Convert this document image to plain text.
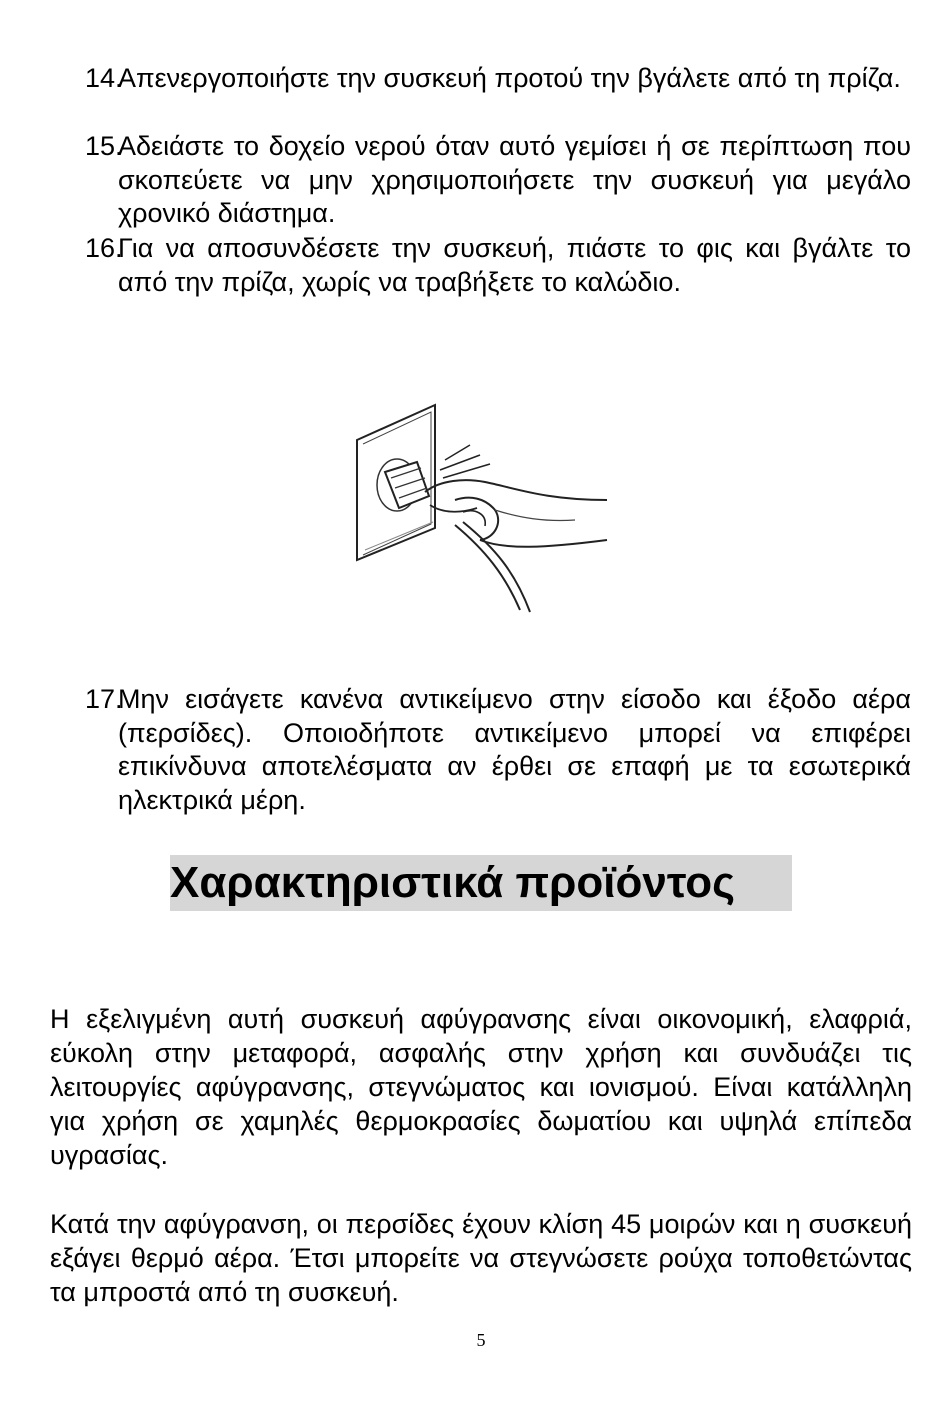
14.
Απενεργοποιήστε την συσκευή προτού την βγάλετε από τη πρίζα.
15.
Αδειάστε το δοχείο νερού όταν αυτό γεμίσει ή σε περίπτωση που σκοπεύετε να μην χρησιμοποιήσετε την συσκευή για μεγάλο χρονικό διάστημα.
16.
Για να αποσυνδέσετε την συσκευή, πιάστε το φις και βγάλτε το από την πρίζα, χωρίς να τραβήξετε το καλώδιο.
17.
Μην εισάγετε κανένα αντικείμενο στην είσοδο και έξοδο αέρα (περσίδες). Οποιοδήποτε αντικείμενο μπορεί να επιφέρει επικίνδυνα αποτελέσματα αν έρθει σε επαφή με τα εσωτερικά ηλεκτρικά μέρη.
Χαρακτηριστικά προϊόντος

Η εξελιγμένη αυτή συσκευή αφύγρανσης είναι οικονομική, ελαφριά, εύκολη στην μεταφορά, ασφαλής στην χρήση και συνδυάζει τις λειτουργίες αφύγρανσης, στεγνώματος και ιονισμού. Είναι κατάλληλη για χρήση σε χαμηλές θερμοκρασίες δωματίου και υψηλά επίπεδα υγρασίας.

Κατά την αφύγρανση, οι περσίδες έχουν κλίση 45 μοιρών και η συσκευή εξάγει θερμό αέρα. Έτσι μπορείτε να στεγνώσετε ρούχα τοποθετώντας τα μπροστά από τη συσκευή.

5
